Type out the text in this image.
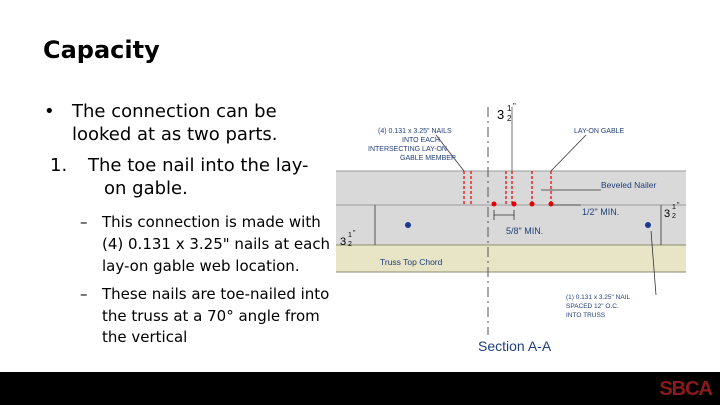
Capacity
• The connection can be
looked at as two parts.
1. The toe nail into the lay-
on gable.
– This connection is made with
(4) 0.131 x 3.25" nails at each
lay-on gable web location.
– These nails are toe-nailed into
the truss at a 70° angle from
the vertical
3 1
2
"
(4) 0.131 x 3.25" NAILS
INTO EACH
INTERSECTING LAY-ON
GABLE MEMBER
LAY-ON GABLE
Beveled Nailer
1/2" MIN.
5/8" MIN.
3
1
2
"
3
1
2
"
Truss Top Chord
(1) 0.131 x 3.25" NAIL
SPACED 12" O.C.
INTO TRUSS
Section A-A
SBCA
